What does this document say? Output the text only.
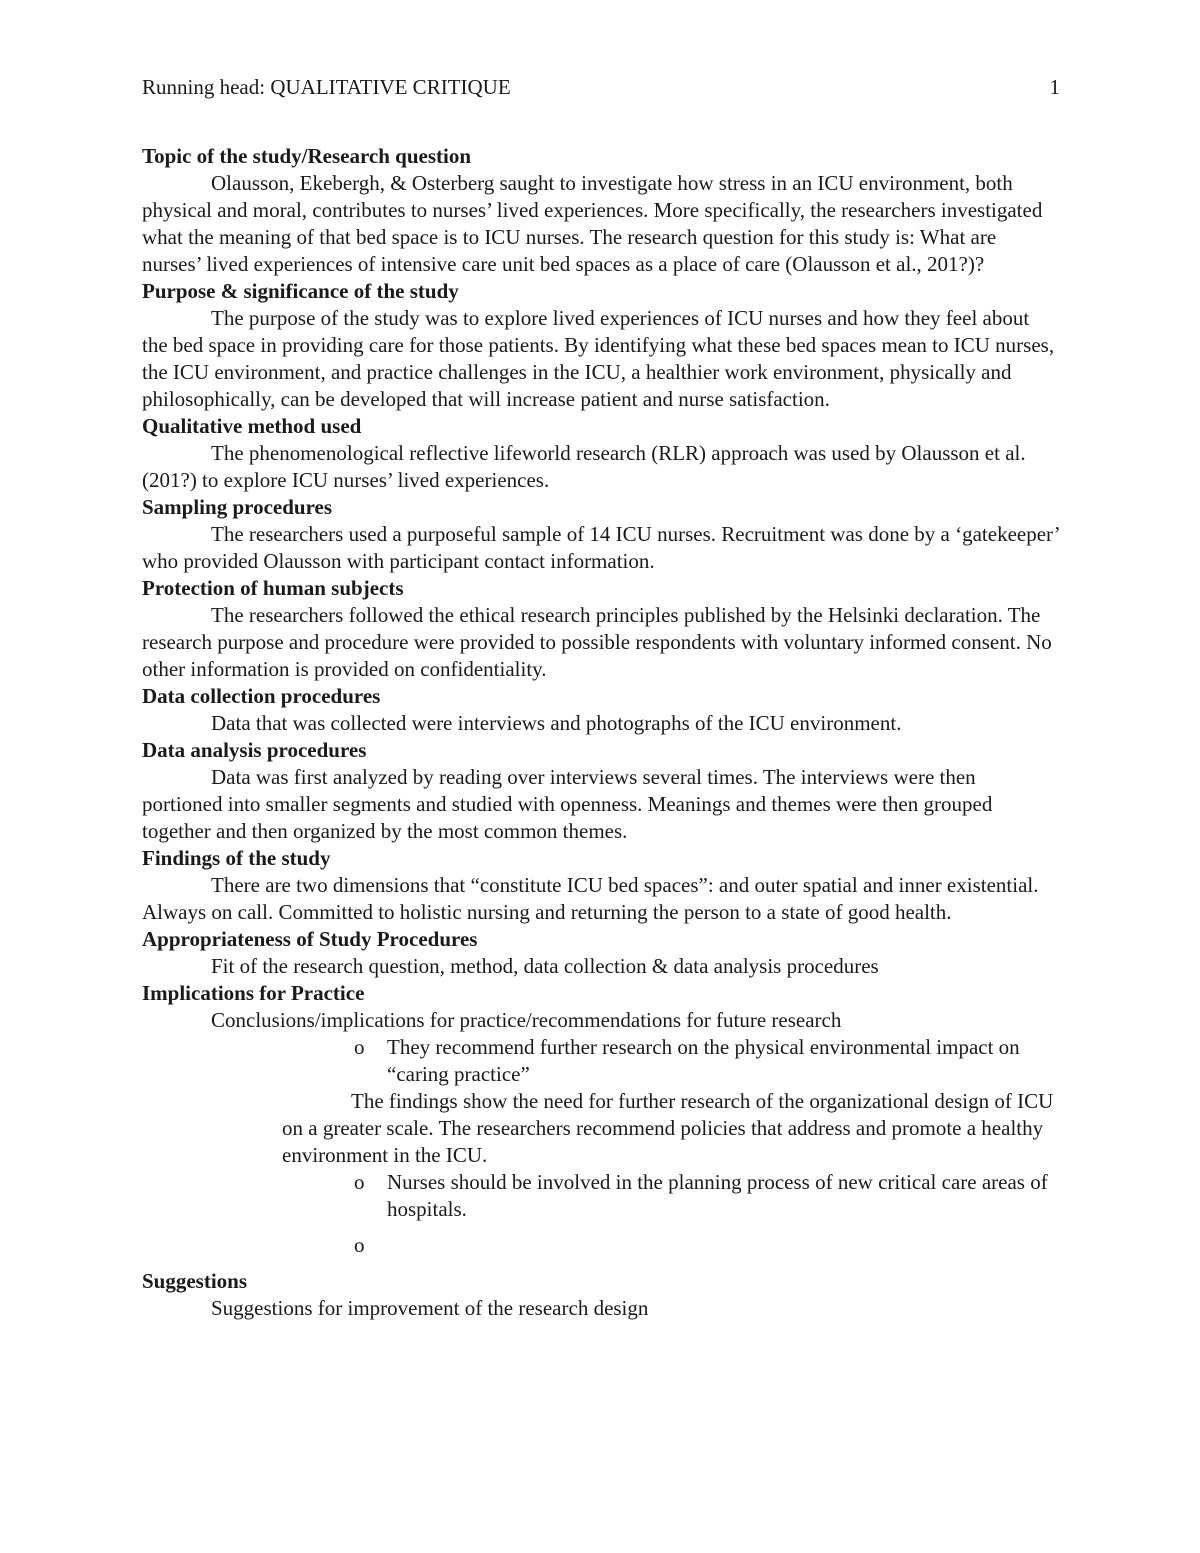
Running head: QUALITATIVE CRITIQUE	1
Topic of the study/Research question

Olausson, Ekebergh, & Osterberg saught to investigate how stress in an ICU environment, both physical and moral, contributes to nurses’ lived experiences. More specifically, the researchers investigated what the meaning of that bed space is to ICU nurses. The research question for this study is: What are nurses’ lived experiences of intensive care unit bed spaces as a place of care (Olausson et al., 201?)?

Purpose & significance of the study

The purpose of the study was to explore lived experiences of ICU nurses and how they feel about the bed space in providing care for those patients. By identifying what these bed spaces mean to ICU nurses, the ICU environment, and practice challenges in the ICU, a healthier work environment, physically and philosophically, can be developed that will increase patient and nurse satisfaction.

Qualitative method used

The phenomenological reflective lifeworld research (RLR) approach was used by Olausson et al. (201?) to explore ICU nurses’ lived experiences.

Sampling procedures

The researchers used a purposeful sample of 14 ICU nurses. Recruitment was done by a ‘gatekeeper’ who provided Olausson with participant contact information.

Protection of human subjects

The researchers followed the ethical research principles published by the Helsinki declaration. The research purpose and procedure were provided to possible respondents with voluntary informed consent. No other information is provided on confidentiality.

Data collection procedures

Data that was collected were interviews and photographs of the ICU environment.

Data analysis procedures

Data was first analyzed by reading over interviews several times. The interviews were then portioned into smaller segments and studied with openness. Meanings and themes were then grouped together and then organized by the most common themes.

Findings of the study

There are two dimensions that “constitute ICU bed spaces”: and outer spatial and inner existential. Always on call. Committed to holistic nursing and returning the person to a state of good health.

Appropriateness of Study Procedures

Fit of the research question, method, data collection & data analysis procedures

Implications for Practice

Conclusions/implications for practice/recommendations for future research

o They recommend further research on the physical environmental impact on “caring practice”

The findings show the need for further research of the organizational design of ICU on a greater scale. The researchers recommend policies that address and promote a healthy environment in the ICU.

o Nurses should be involved in the planning process of new critical care areas of hospitals.
o

Suggestions

Suggestions for improvement of the research design
